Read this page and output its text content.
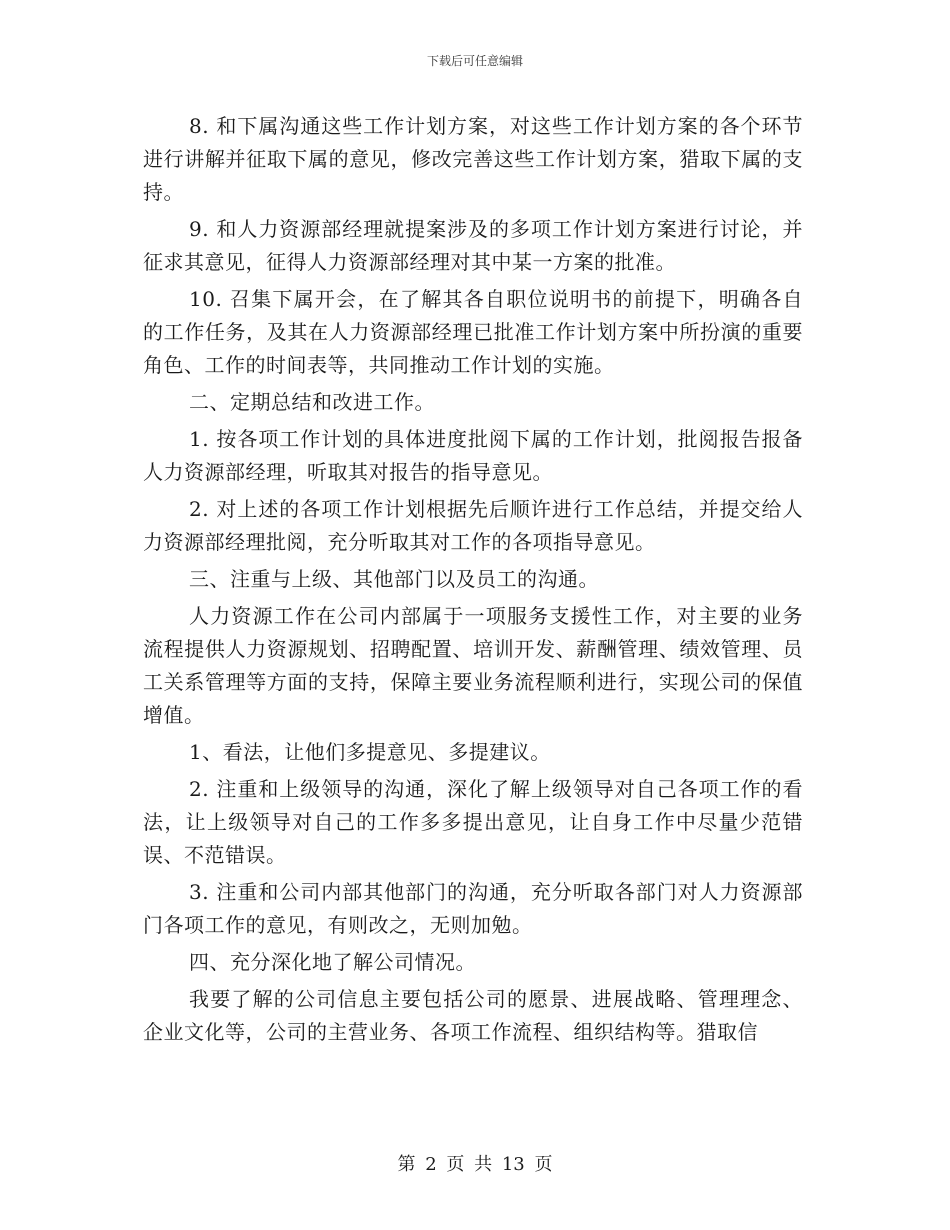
下载后可任意编辑

8. 和下属沟通这些工作计划方案，对这些工作计划方案的各个环节进行讲解并征取下属的意见，修改完善这些工作计划方案，猎取下属的支持。

9. 和人力资源部经理就提案涉及的多项工作计划方案进行讨论，并征求其意见，征得人力资源部经理对其中某一方案的批准。

10. 召集下属开会，在了解其各自职位说明书的前提下，明确各自的工作任务，及其在人力资源部经理已批准工作计划方案中所扮演的重要角色、工作的时间表等，共同推动工作计划的实施。

二、定期总结和改进工作。

1. 按各项工作计划的具体进度批阅下属的工作计划，批阅报告报备人力资源部经理，听取其对报告的指导意见。

2. 对上述的各项工作计划根据先后顺许进行工作总结，并提交给人力资源部经理批阅，充分听取其对工作的各项指导意见。

三、注重与上级、其他部门以及员工的沟通。

人力资源工作在公司内部属于一项服务支援性工作，对主要的业务流程提供人力资源规划、招聘配置、培训开发、薪酬管理、绩效管理、员工关系管理等方面的支持，保障主要业务流程顺利进行，实现公司的保值增值。

1、看法，让他们多提意见、多提建议。

2. 注重和上级领导的沟通，深化了解上级领导对自己各项工作的看法，让上级领导对自己的工作多多提出意见，让自身工作中尽量少范错误、不范错误。

3. 注重和公司内部其他部门的沟通，充分听取各部门对人力资源部门各项工作的意见，有则改之，无则加勉。

四、充分深化地了解公司情况。

我要了解的公司信息主要包括公司的愿景、进展战略、管理理念、企业文化等，公司的主营业务、各项工作流程、组织结构等。猎取信

第 2 页 共 13 页
